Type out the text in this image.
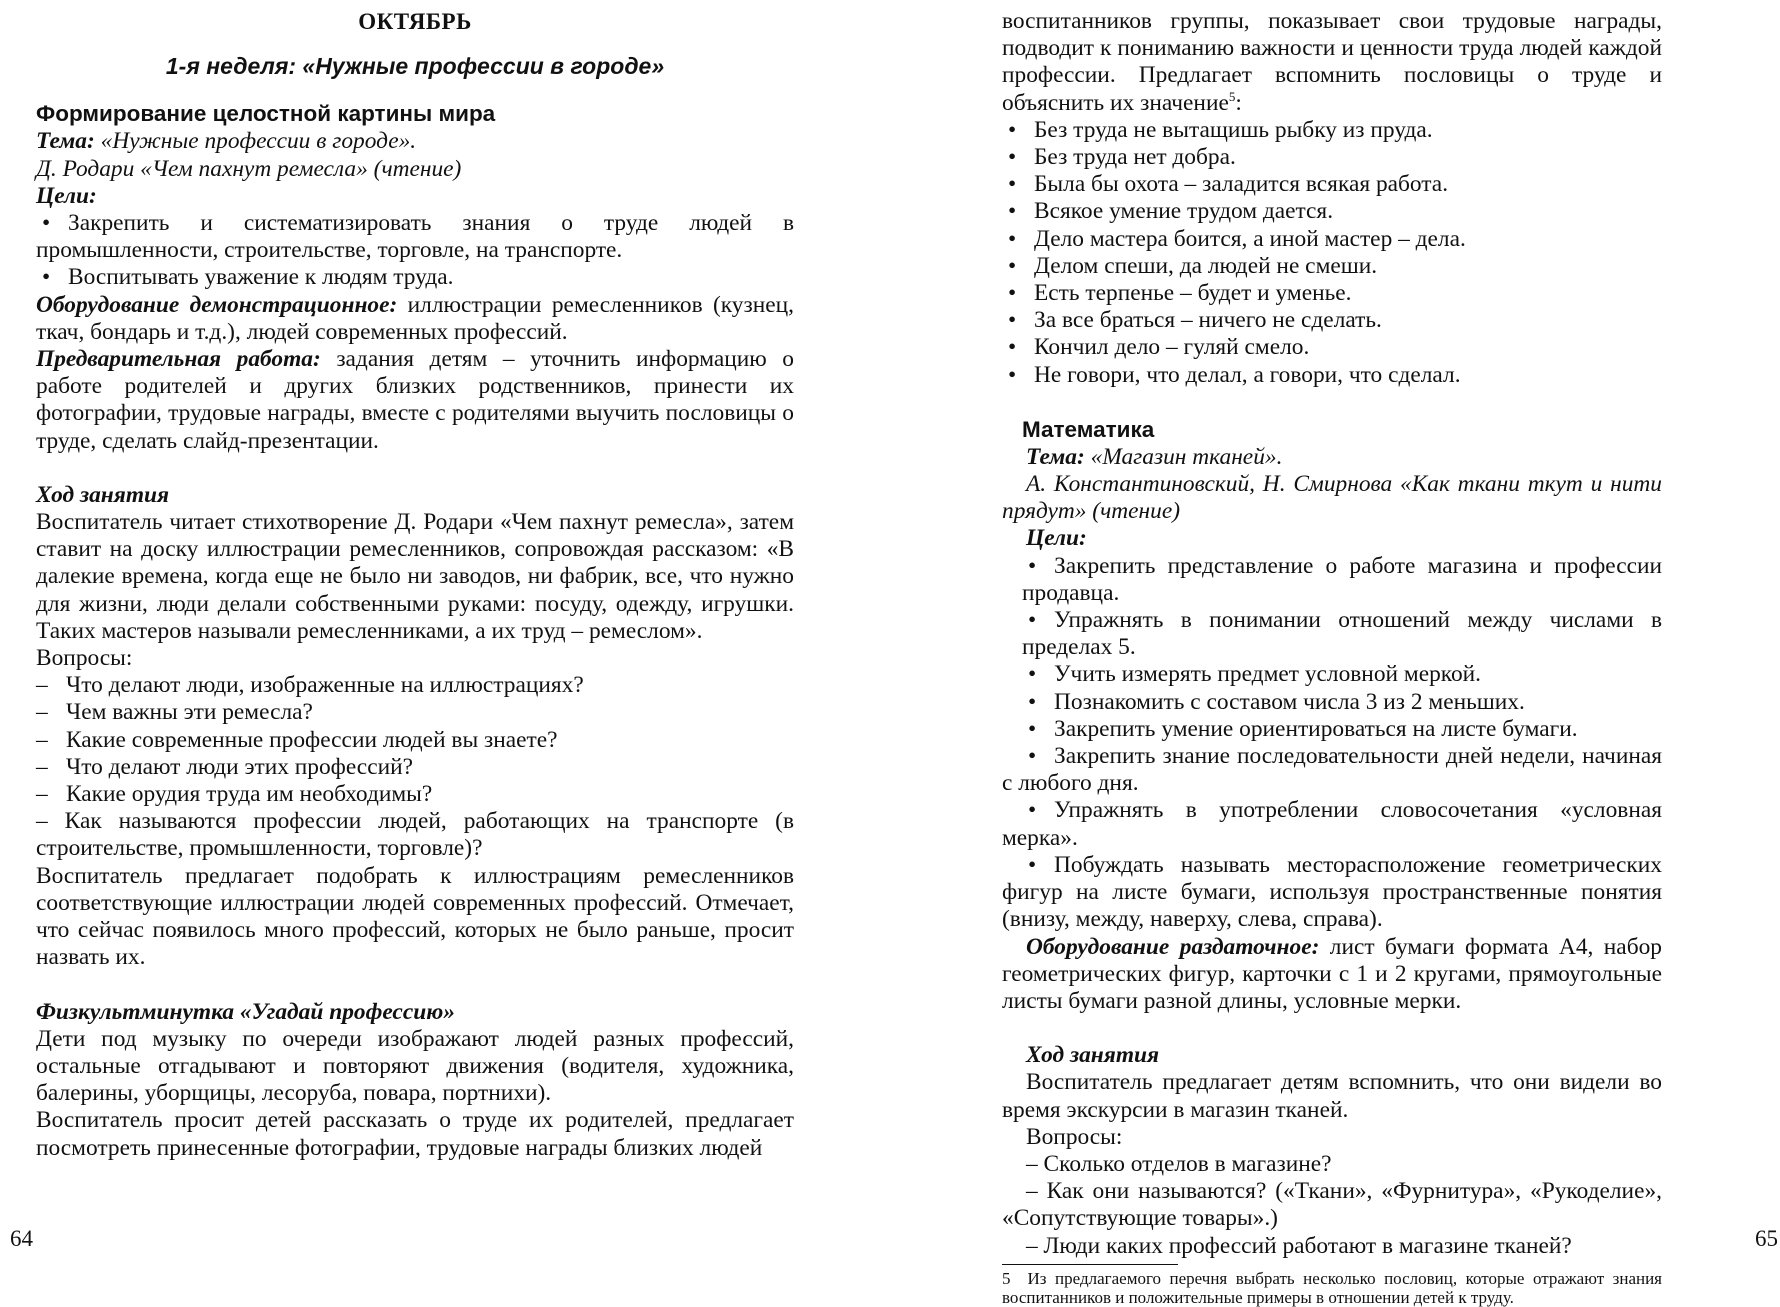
ОКТЯБРЬ

1-я неделя: «Нужные профессии в городе»

Формирование целостной картины мира

Тема: «Нужные профессии в городе».

Д. Родари «Чем пахнут ремесла» (чтение)

Цели:

• Закрепить и систематизировать знания о труде людей в промышленности, строительстве, торговле, на транспорте.
• Воспитывать уважение к людям труда.

Оборудование демонстрационное: иллюстрации ремесленников (кузнец, ткач, бондарь и т.д.), людей современных профессий.

Предварительная работа: задания детям – уточнить информацию о работе родителей и других близких родственников, принести их фотографии, трудовые награды, вместе с родителями выучить пословицы о труде, сделать слайд-презентации.

Ход занятия

Воспитатель читает стихотворение Д. Родари «Чем пахнут ремесла», затем ставит на доску иллюстрации ремесленников, сопровождая рассказом: «В далекие времена, когда еще не было ни заводов, ни фабрик, все, что нужно для жизни, люди делали собственными руками: посуду, одежду, игрушки. Таких мастеров называли ремесленниками, а их труд – ремеслом».

Вопросы:

– Что делают люди, изображенные на иллюстрациях?
– Чем важны эти ремесла?
– Какие современные профессии людей вы знаете?
– Что делают люди этих профессий?
– Какие орудия труда им необходимы?

– Как называются профессии людей, работающих на транспорте (в строительстве, промышленности, торговле)?

Воспитатель предлагает подобрать к иллюстрациям ремесленников соответствующие иллюстрации людей современных профессий. Отмечает, что сейчас появилось много профессий, которых не было раньше, просит назвать их.

Физкультминутка «Угадай профессию»

Дети под музыку по очереди изображают людей разных профессий, остальные отгадывают и повторяют движения (водителя, художника, балерины, уборщицы, лесоруба, повара, портнихи).

Воспитатель просит детей рассказать о труде их родителей, предлагает посмотреть принесенные фотографии, трудовые награды близких людей

64

воспитанников группы, показывает свои трудовые награды, подводит к пониманию важности и ценности труда людей каждой профессии. Предлагает вспомнить пословицы о труде и объяснить их значение$^5$:

• Без труда не вытащишь рыбку из пруда.
• Без труда нет добра.
• Была бы охота – заладится всякая работа.
• Всякое умение трудом дается.
• Дело мастера боится, а иной мастер – дела.
• Делом спеши, да людей не смеши.
• Есть терпенье – будет и уменье.
• За все браться – ничего не сделать.
• Кончил дело – гуляй смело.
• Не говори, что делал, а говори, что сделал.

Математика

Тема: «Магазин тканей».

А. Константиновский, Н. Смирнова «Как ткани ткут и нити прядут» (чтение)

Цели:

• Закрепить представление о работе магазина и профессии продавца.
• Упражнять в понимании отношений между числами в пределах 5.
• Учить измерять предмет условной меркой.
• Познакомить с составом числа 3 из 2 меньших.
• Закрепить умение ориентироваться на листе бумаги.
• Закрепить знание последовательности дней недели, начиная с любого дня.
• Упражнять в употреблении словосочетания «условная мерка».
• Побуждать называть месторасположение геометрических фигур на листе бумаги, используя пространственные понятия (внизу, между, наверху, слева, справа).

Оборудование раздаточное: лист бумаги формата А4, набор геометрических фигур, карточки с 1 и 2 кругами, прямоугольные листы бумаги разной длины, условные мерки.

Ход занятия

Воспитатель предлагает детям вспомнить, что они видели во время экскурсии в магазин тканей.

Вопросы:

– Сколько отделов в магазине?

– Как они называются? («Ткани», «Фурнитура», «Рукоделие», «Сопутствующие товары».)

– Люди каких профессий работают в магазине тканей?

5 Из предлагаемого перечня выбрать несколько пословиц, которые отражают знания воспитанников и положительные примеры в отношении детей к труду.

65
